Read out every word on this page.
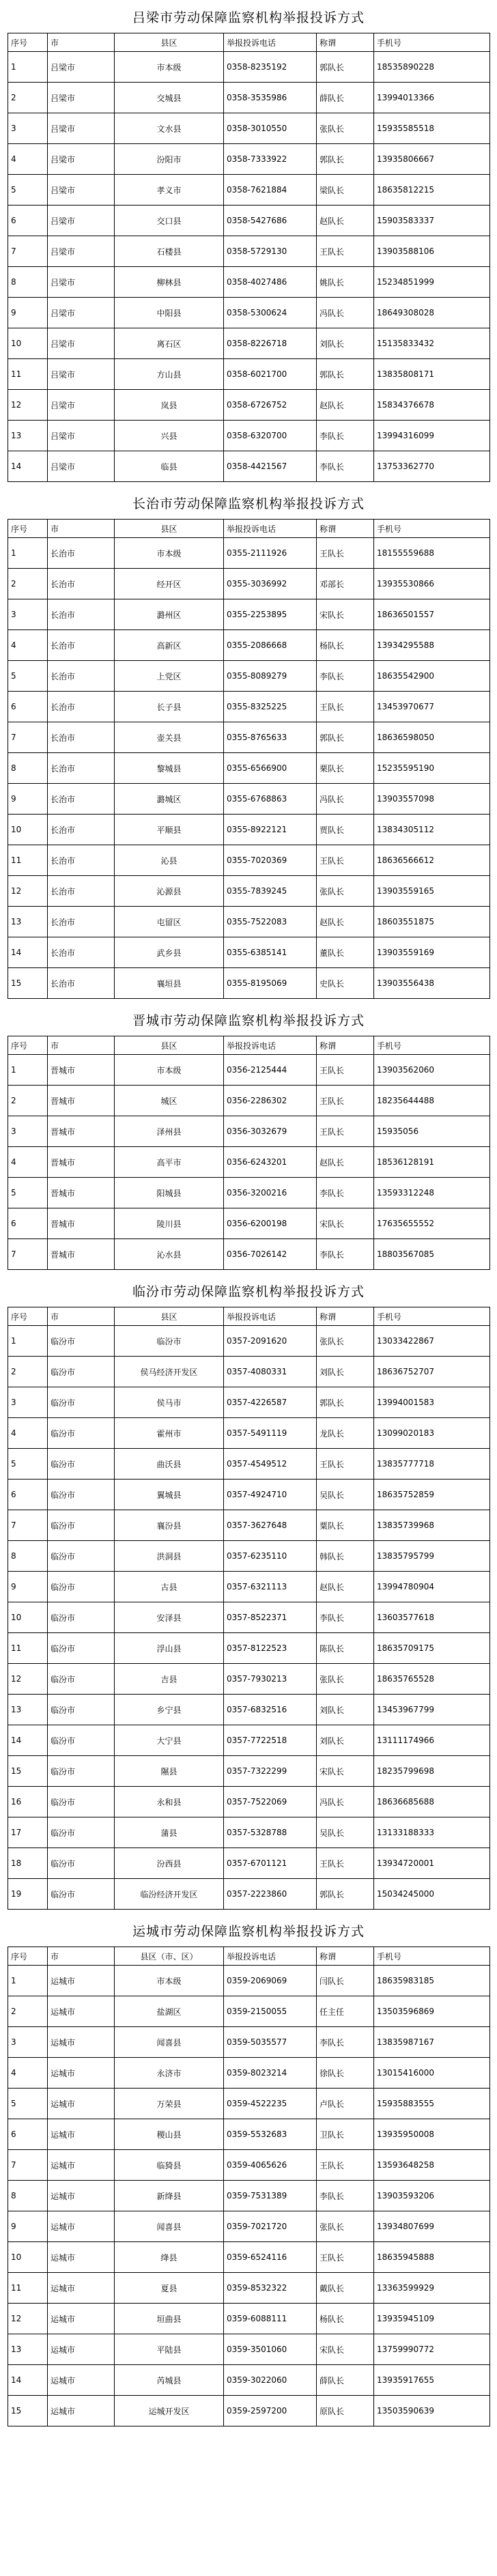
吕梁市劳动保障监察机构举报投诉方式
序号	市	县区	举报投诉电话	称谓	手机号
1	吕梁市	市本级	0358-8235192	郭队长	18535890228
2	吕梁市	交城县	0358-3535986	薛队长	13994013366
3	吕梁市	文水县	0358-3010550	张队长	15935585518
4	吕梁市	汾阳市	0358-7333922	郭队长	13935806667
5	吕梁市	孝义市	0358-7621884	梁队长	18635812215
6	吕梁市	交口县	0358-5427686	赵队长	15903583337
7	吕梁市	石楼县	0358-5729130	王队长	13903588106
8	吕梁市	柳林县	0358-4027486	姚队长	15234851999
9	吕梁市	中阳县	0358-5300624	冯队长	18649308028
10	吕梁市	离石区	0358-8226718	刘队长	15135833432
11	吕梁市	方山县	0358-6021700	郭队长	13835808171
12	吕梁市	岚县	0358-6726752	赵队长	15834376678
13	吕梁市	兴县	0358-6320700	李队长	13994316099
14	吕梁市	临县	0358-4421567	李队长	13753362770
长治市劳动保障监察机构举报投诉方式
序号	市	县区	举报投诉电话	称谓	手机号
1	长治市	市本级	0355-2111926	王队长	18155559688
2	长治市	经开区	0355-3036992	邓部长	13935530866
3	长治市	潞州区	0355-2253895	宋队长	18636501557
4	长治市	高新区	0355-2086668	杨队长	13934295588
5	长治市	上党区	0355-8089279	李队长	18635542900
6	长治市	长子县	0355-8325225	王队长	13453970677
7	长治市	壶关县	0355-8765633	郭队长	18636598050
8	长治市	黎城县	0355-6566900	栗队长	15235595190
9	长治市	潞城区	0355-6768863	冯队长	13903557098
10	长治市	平顺县	0355-8922121	贾队长	13834305112
11	长治市	沁县	0355-7020369	王队长	18636566612
12	长治市	沁源县	0355-7839245	张队长	13903559165
13	长治市	屯留区	0355-7522083	赵队长	18603551875
14	长治市	武乡县	0355-6385141	董队长	13903559169
15	长治市	襄垣县	0355-8195069	史队长	13903556438
晋城市劳动保障监察机构举报投诉方式
序号	市	县区	举报投诉电话	称谓	手机号
1	晋城市	市本级	0356-2125444	王队长	13903562060
2	晋城市	城区	0356-2286302	王队长	18235644488
3	晋城市	泽州县	0356-3032679	王队长	15935056
4	晋城市	高平市	0356-6243201	赵队长	18536128191
5	晋城市	阳城县	0356-3200216	李队长	13593312248
6	晋城市	陵川县	0356-6200198	宋队长	17635655552
7	晋城市	沁水县	0356-7026142	李队长	18803567085
临汾市劳动保障监察机构举报投诉方式
序号	市	县区	举报投诉电话	称谓	手机号
1	临汾市	临汾市	0357-2091620	张队长	13033422867
2	临汾市	侯马经济开发区	0357-4080331	刘队长	18636752707
3	临汾市	侯马市	0357-4226587	郭队长	13994001583
4	临汾市	霍州市	0357-5491119	龙队长	13099020183
5	临汾市	曲沃县	0357-4549512	王队长	13835777718
6	临汾市	翼城县	0357-4924710	吴队长	18635752859
7	临汾市	襄汾县	0357-3627648	粟队长	13835739968
8	临汾市	洪洞县	0357-6235110	韩队长	13835795799
9	临汾市	古县	0357-6321113	赵队长	13994780904
10	临汾市	安泽县	0357-8522371	李队长	13603577618
11	临汾市	浮山县	0357-8122523	陈队长	18635709175
12	临汾市	吉县	0357-7930213	张队长	18635765528
13	临汾市	乡宁县	0357-6832516	刘队长	13453967799
14	临汾市	大宁县	0357-7722518	刘队长	13111174966
15	临汾市	隰县	0357-7322299	宋队长	18235799698
16	临汾市	永和县	0357-7522069	冯队长	18636685688
17	临汾市	蒲县	0357-5328788	吴队长	13133188333
18	临汾市	汾西县	0357-6701121	王队长	13934720001
19	临汾市	临汾经济开发区	0357-2223860	郭队长	15034245000
运城市劳动保障监察机构举报投诉方式
序号	市	县区（市、区）	举报投诉电话	称谓	手机号
1	运城市	市本级	0359-2069069	闫队长	18635983185
2	运城市	盐湖区	0359-2150055	任主任	13503596869
3	运城市	闻喜县	0359-5035577	李队长	13835987167
4	运城市	永济市	0359-8023214	徐队长	13015416000
5	运城市	万荣县	0359-4522235	卢队长	15935883555
6	运城市	稷山县	0359-5532683	卫队长	13935950008
7	运城市	临猗县	0359-4065626	王队长	13593648258
8	运城市	新绛县	0359-7531389	李队长	13903593206
9	运城市	闻喜县	0359-7021720	张队长	13934807699
10	运城市	绛县	0359-6524116	王队长	18635945888
11	运城市	夏县	0359-8532322	戴队长	13363599929
12	运城市	垣曲县	0359-6088111	杨队长	13935945109
13	运城市	平陆县	0359-3501060	宋队长	13759990772
14	运城市	芮城县	0359-3022060	薛队长	13935917655
15	运城市	运城开发区	0359-2597200	原队长	13503590639
